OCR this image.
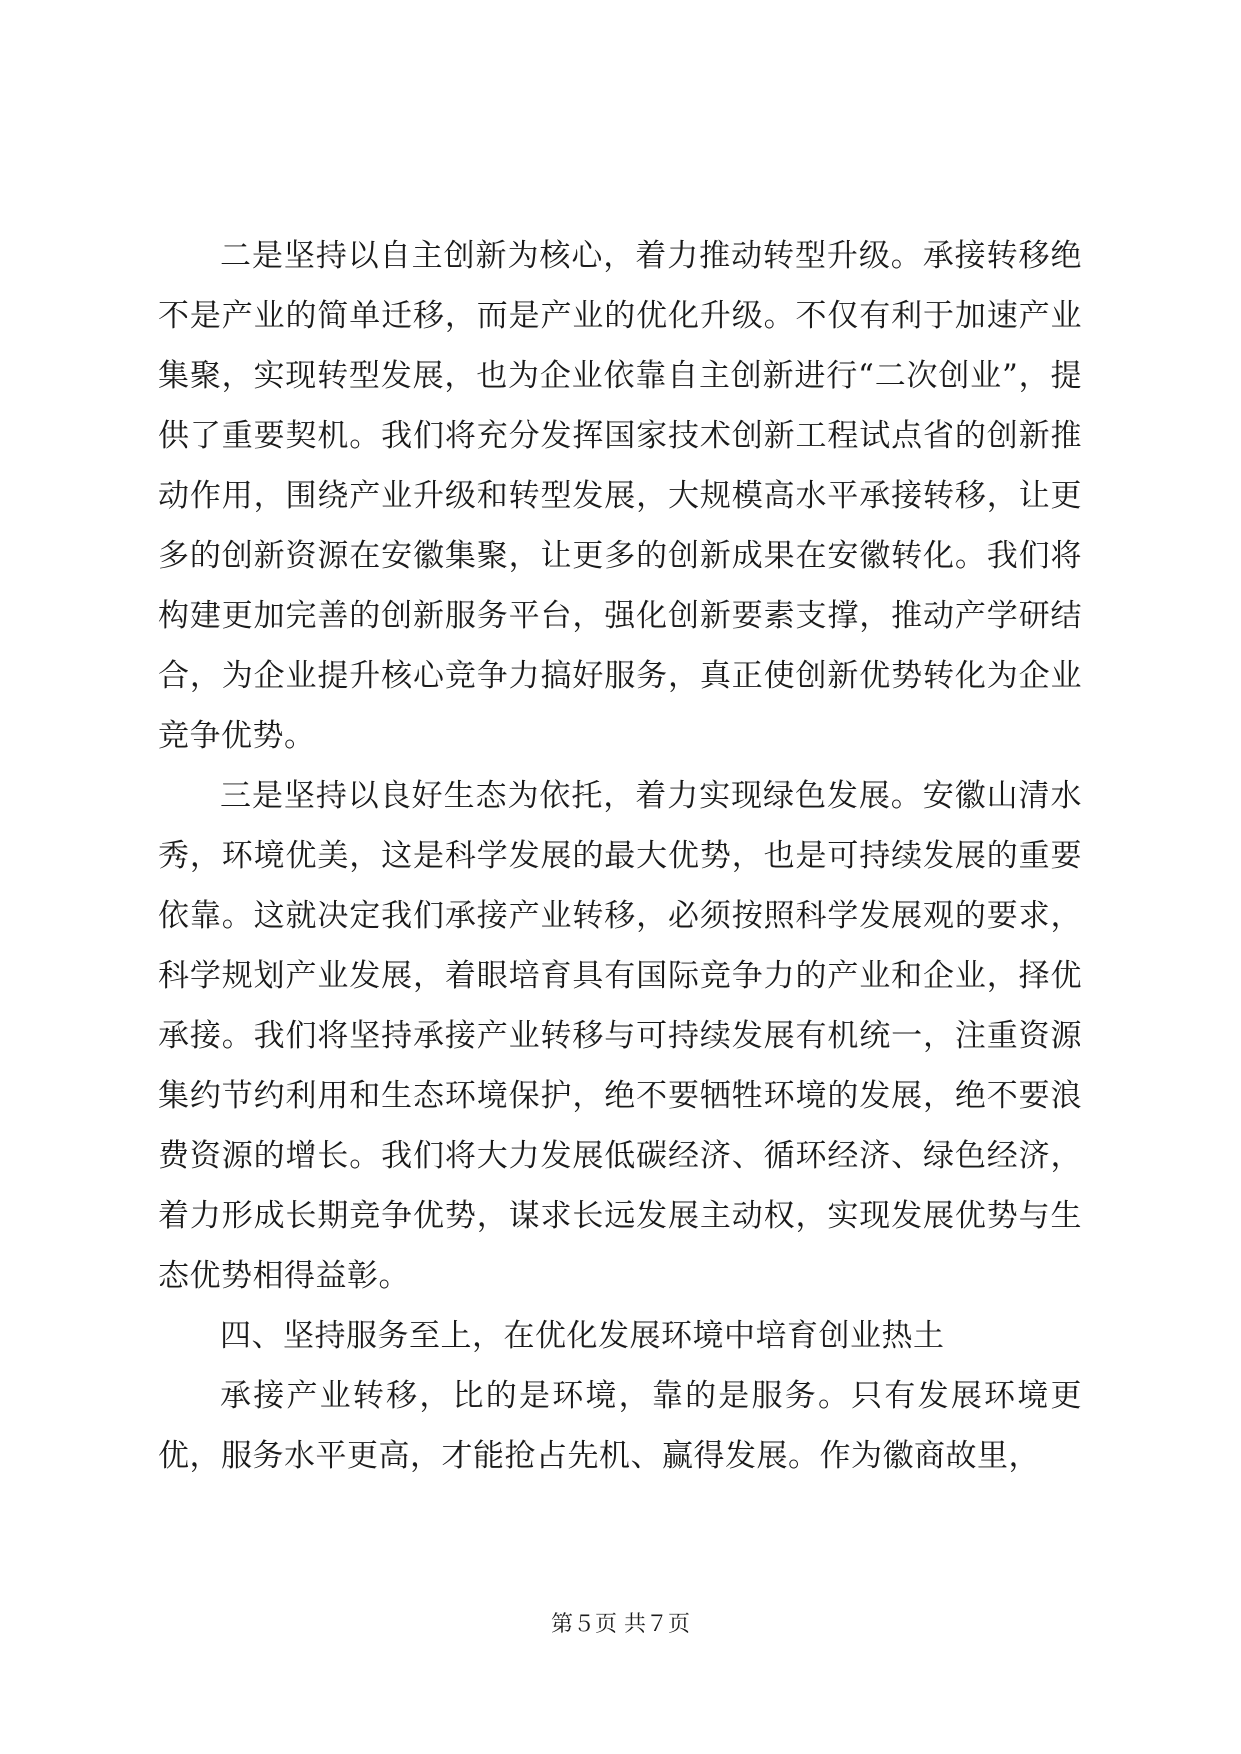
二是坚持以自主创新为核心，着力推动转型升级。承接转移绝不是产业的简单迁移，而是产业的优化升级。不仅有利于加速产业集聚，实现转型发展，也为企业依靠自主创新进行“二次创业”，提供了重要契机。我们将充分发挥国家技术创新工程试点省的创新推动作用，围绕产业升级和转型发展，大规模高水平承接转移，让更多的创新资源在安徽集聚，让更多的创新成果在安徽转化。我们将构建更加完善的创新服务平台，强化创新要素支撑，推动产学研结合，为企业提升核心竞争力搞好服务，真正使创新优势转化为企业竞争优势。

三是坚持以良好生态为依托，着力实现绿色发展。安徽山清水秀，环境优美，这是科学发展的最大优势，也是可持续发展的重要依靠。这就决定我们承接产业转移，必须按照科学发展观的要求，科学规划产业发展，着眼培育具有国际竞争力的产业和企业，择优承接。我们将坚持承接产业转移与可持续发展有机统一，注重资源集约节约利用和生态环境保护，绝不要牺牲环境的发展，绝不要浪费资源的增长。我们将大力发展低碳经济、循环经济、绿色经济，着力形成长期竞争优势，谋求长远发展主动权，实现发展优势与生态优势相得益彰。

四、坚持服务至上，在优化发展环境中培育创业热土

承接产业转移，比的是环境，靠的是服务。只有发展环境更优，服务水平更高，才能抢占先机、赢得发展。作为徽商故里，

第５页 共７页
